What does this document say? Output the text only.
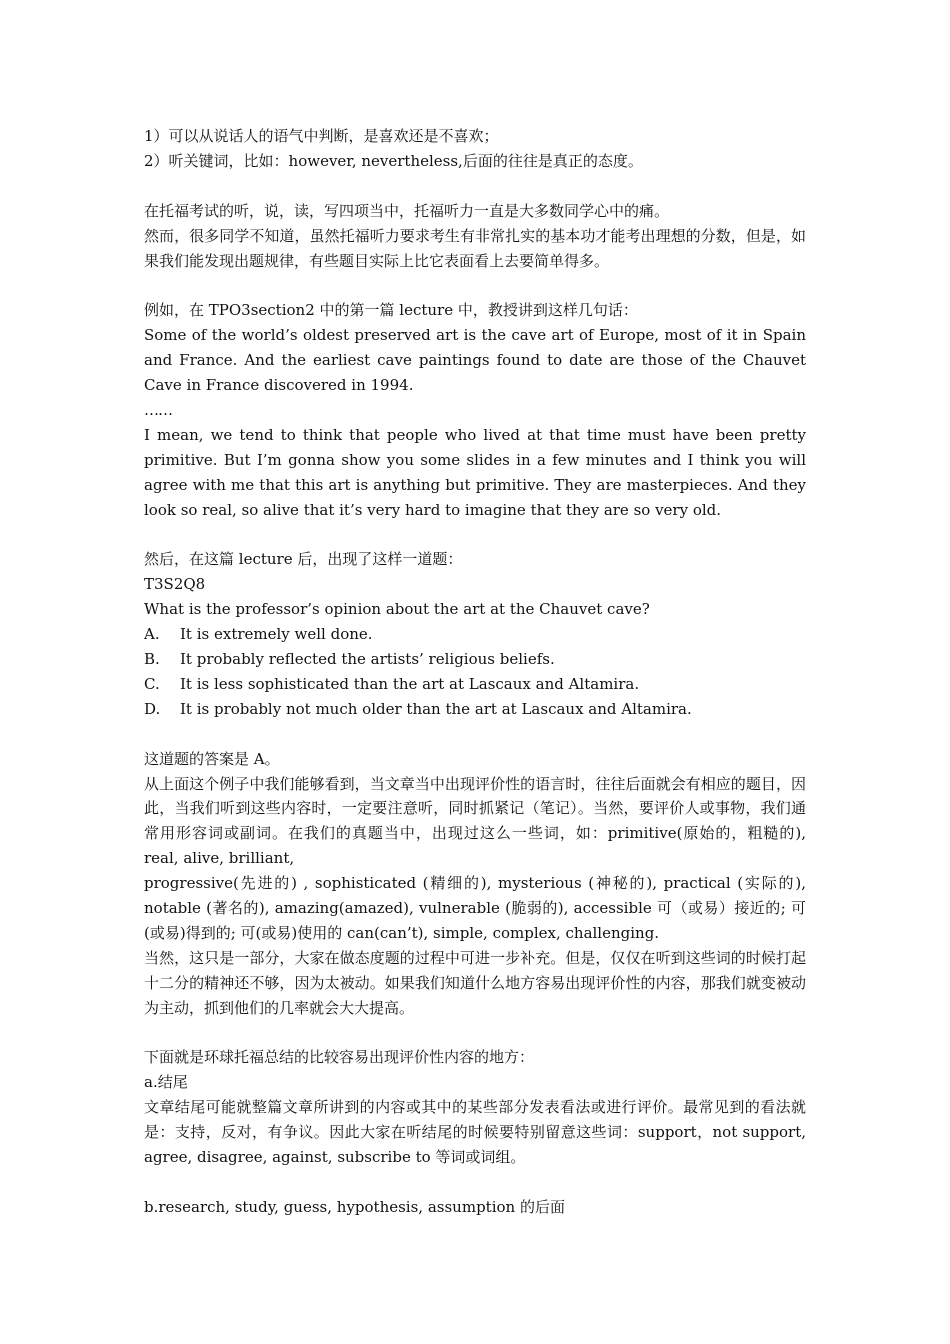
1）可以从说话人的语气中判断，是喜欢还是不喜欢；

2）听关键词，比如：however, nevertheless,后面的往往是真正的态度。

在托福考试的听，说，读，写四项当中，托福听力一直是大多数同学心中的痛。

然而，很多同学不知道，虽然托福听力要求考生有非常扎实的基本功才能考出理想的分数，但是，如果我们能发现出题规律，有些题目实际上比它表面看上去要简单得多。

例如，在 TPO3section2 中的第一篇 lecture 中，教授讲到这样几句话：

Some of the world’s oldest preserved art is the cave art of Europe, most of it in Spain and France. And the earliest cave paintings found to date are those of the Chauvet Cave in France discovered in 1994.

……

I mean, we tend to think that people who lived at that time must have been pretty primitive. But I’m gonna show you some slides in a few minutes and I think you will agree with me that this art is anything but primitive. They are masterpieces. And they look so real, so alive that it’s very hard to imagine that they are so very old.

然后，在这篇 lecture 后，出现了这样一道题：

T3S2Q8

What is the professor’s opinion about the art at the Chauvet cave?

A.	It is extremely well done.
B.	It probably reflected the artists’ religious beliefs.
C.	It is less sophisticated than the art at Lascaux and Altamira.
D.	It is probably not much older than the art at Lascaux and Altamira.

这道题的答案是 A。

从上面这个例子中我们能够看到，当文章当中出现评价性的语言时，往往后面就会有相应的题目，因此，当我们听到这些内容时，一定要注意听，同时抓紧记（笔记）。当然，要评价人或事物，我们通常用形容词或副词。在我们的真题当中，出现过这么一些词，如：primitive(原始的，粗糙的), real, alive, brilliant,

progressive(先进的) , sophisticated (精细的), mysterious (神秘的), practical (实际的), notable (著名的), amazing(amazed), vulnerable (脆弱的), accessible 可（或易）接近的; 可(或易)得到的; 可(或易)使用的 can(can’t), simple, complex, challenging.

当然，这只是一部分，大家在做态度题的过程中可进一步补充。但是，仅仅在听到这些词的时候打起十二分的精神还不够，因为太被动。如果我们知道什么地方容易出现评价性的内容，那我们就变被动为主动，抓到他们的几率就会大大提高。

下面就是环球托福总结的比较容易出现评价性内容的地方：

a.结尾

文章结尾可能就整篇文章所讲到的内容或其中的某些部分发表看法或进行评价。最常见到的看法就是：支持，反对，有争议。因此大家在听结尾的时候要特别留意这些词：support，not support, agree, disagree, against, subscribe to 等词或词组。

b.research, study, guess, hypothesis, assumption 的后面
